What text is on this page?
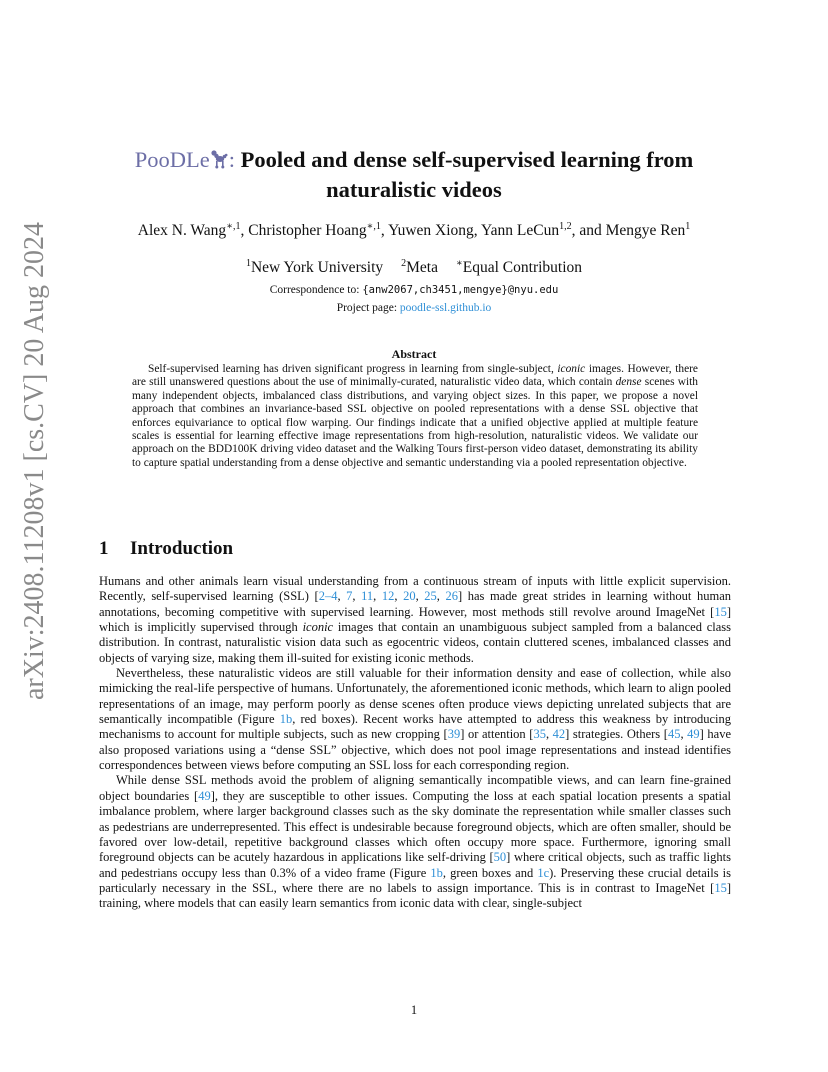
arXiv:2408.11208v1 [cs.CV] 20 Aug 2024
PooDLe : Pooled and dense self-supervised learning from
naturalistic videos
Alex N. Wang$^{∗,1}$, Christopher Hoang$^{∗,1}$, Yuwen Xiong, Yann LeCun$^{1,2}$, and Mengye Ren$^1$
$^1$New York University $^2$Meta ∗Equal Contribution
Correspondence to: {anw2067,ch3451,mengye}@nyu.edu
Project page: poodle-ssl.github.io
Abstract

Self-supervised learning has driven significant progress in learning from single-subject, iconic images. However, there are still unanswered questions about the use of minimally-curated, naturalistic video data, which contain dense scenes with many independent objects, imbalanced class distributions, and varying object sizes. In this paper, we propose a novel approach that combines an invariance-based SSL objective on pooled representations with a dense SSL objective that enforces equivariance to optical flow warping. Our findings indicate that a unified objective applied at multiple feature scales is essential for learning effective image representations from high-resolution, naturalistic videos. We validate our approach on the BDD100K driving video dataset and the Walking Tours first-person video dataset, demonstrating its ability to capture spatial understanding from a dense objective and semantic understanding via a pooled representation objective.

1 Introduction

Humans and other animals learn visual understanding from a continuous stream of inputs with little explicit supervision. Recently, self-supervised learning (SSL) [2–4, 7, 11, 12, 20, 25, 26] has made great strides in learning without human annotations, becoming competitive with supervised learning. However, most methods still revolve around ImageNet [15] which is implicitly supervised through iconic images that contain an unambiguous subject sampled from a balanced class distribution. In contrast, naturalistic vision data such as egocentric videos, contain cluttered scenes, imbalanced classes and objects of varying size, making them ill-suited for existing iconic methods.

Nevertheless, these naturalistic videos are still valuable for their information density and ease of collection, while also mimicking the real-life perspective of humans. Unfortunately, the aforementioned iconic methods, which learn to align pooled representations of an image, may perform poorly as dense scenes often produce views depicting unrelated subjects that are semantically incompatible (Figure 1b, red boxes). Recent works have attempted to address this weakness by introducing mechanisms to account for multiple subjects, such as new cropping [39] or attention [35, 42] strategies. Others [45, 49] have also proposed variations using a “dense SSL” objective, which does not pool image representations and instead identifies correspondences between views before computing an SSL loss for each corresponding region.

While dense SSL methods avoid the problem of aligning semantically incompatible views, and can learn fine-grained object boundaries [49], they are susceptible to other issues. Computing the loss at each spatial location presents a spatial imbalance problem, where larger background classes such as the sky dominate the representation while smaller classes such as pedestrians are underrepresented. This effect is undesirable because foreground objects, which are often smaller, should be favored over low-detail, repetitive background classes which often occupy more space. Furthermore, ignoring small foreground objects can be acutely hazardous in applications like self-driving [50] where critical objects, such as traffic lights and pedestrians occupy less than 0.3% of a video frame (Figure 1b, green boxes and 1c). Preserving these crucial details is particularly necessary in the SSL, where there are no labels to assign importance. This is in contrast to ImageNet [15] training, where models that can easily learn semantics from iconic data with clear, single-subject

1
